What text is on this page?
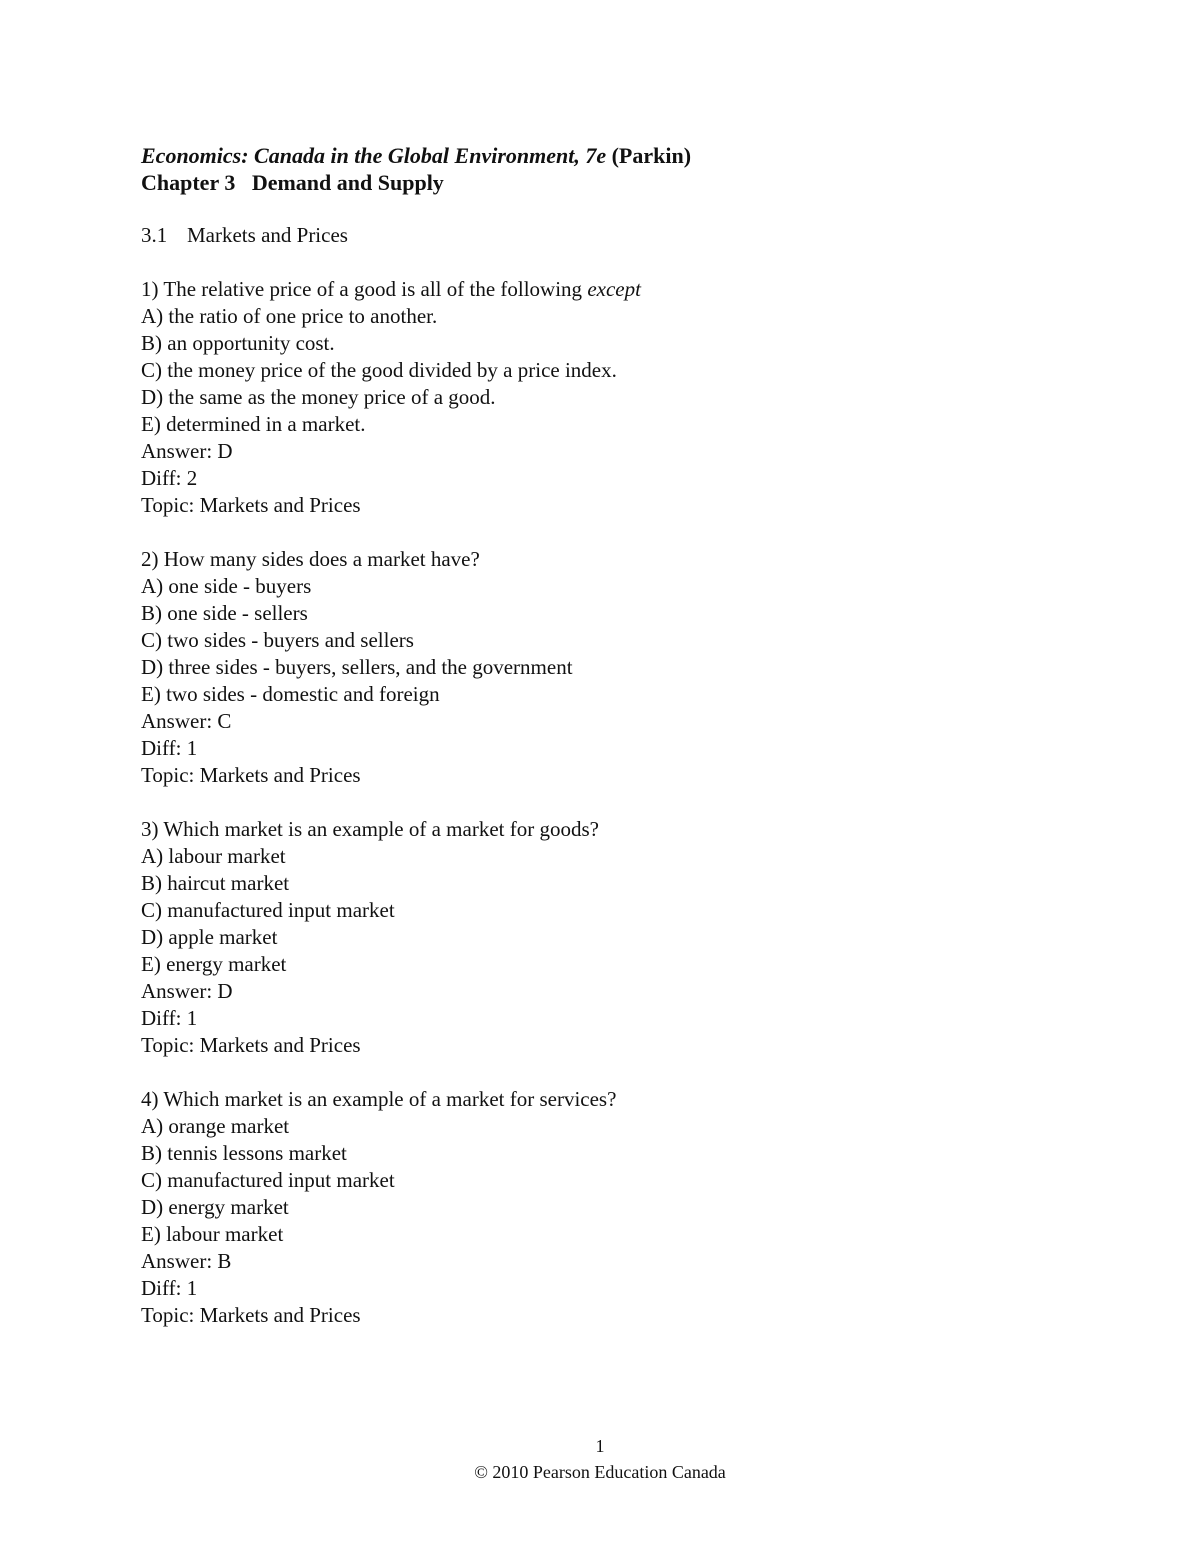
Economics: Canada in the Global Environment, 7e (Parkin)

Chapter 3 Demand and Supply

3.1 Markets and Prices
1) The relative price of a good is all of the following except
A) the ratio of one price to another.
B) an opportunity cost.
C) the money price of the good divided by a price index.
D) the same as the money price of a good.
E) determined in a market.
Answer: D
Diff: 2
Topic: Markets and Prices
2) How many sides does a market have?
A) one side - buyers
B) one side - sellers
C) two sides - buyers and sellers
D) three sides - buyers, sellers, and the government
E) two sides - domestic and foreign
Answer: C
Diff: 1
Topic: Markets and Prices
3) Which market is an example of a market for goods?
A) labour market
B) haircut market
C) manufactured input market
D) apple market
E) energy market
Answer: D
Diff: 1
Topic: Markets and Prices
4) Which market is an example of a market for services?
A) orange market
B) tennis lessons market
C) manufactured input market
D) energy market
E) labour market
Answer: B
Diff: 1
Topic: Markets and Prices
1
© 2010 Pearson Education Canada
